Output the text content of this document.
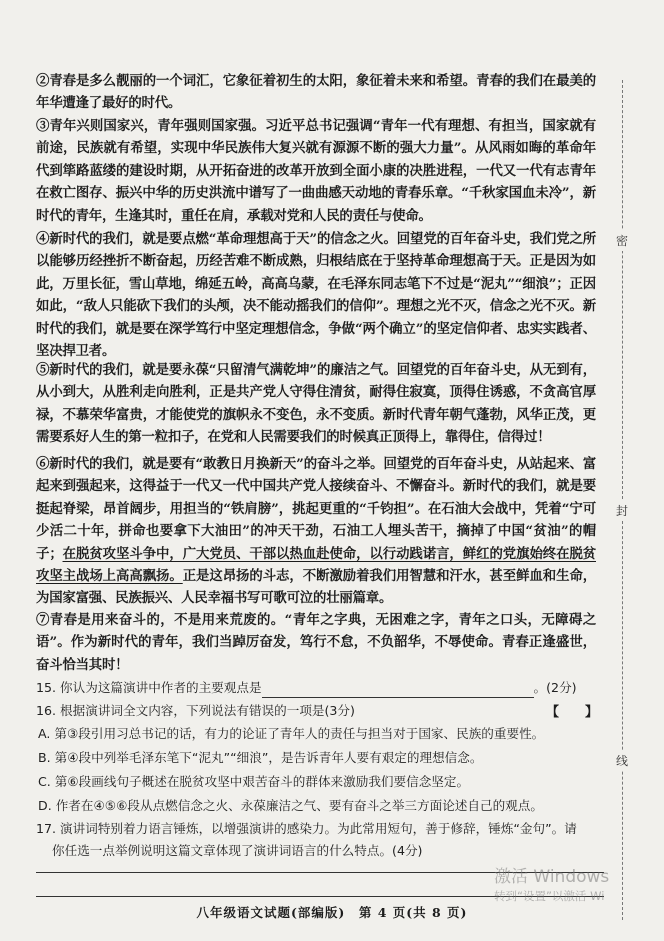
②青春是多么靓丽的一个词汇，它象征着初生的太阳，象征着未来和希望。青春的我们在最美的年华遭逢了最好的时代。

③青年兴则国家兴，青年强则国家强。习近平总书记强调“青年一代有理想、有担当，国家就有前途，民族就有希望，实现中华民族伟大复兴就有源源不断的强大力量”。从风雨如晦的革命年代到筚路蓝缕的建设时期，从开拓奋进的改革开放到全面小康的决胜进程，一代又一代有志青年在救亡图存、振兴中华的历史洪流中谱写了一曲曲感天动地的青春乐章。“千秋家国血未冷”，新时代的青年，生逢其时，重任在肩，承载对党和人民的责任与使命。

④新时代的我们，就是要点燃“革命理想高于天”的信念之火。回望党的百年奋斗史，我们党之所以能够历经挫折不断奋起，历经苦难不断成熟，归根结底在于坚持革命理想高于天。正是因为如此，万里长征，雪山草地，绵延五岭，高高乌蒙，在毛泽东同志笔下不过是“泥丸”“细浪”；正因如此，“敌人只能砍下我们的头颅，决不能动摇我们的信仰”。理想之光不灭，信念之光不灭。新时代的我们，就是要在深学笃行中坚定理想信念，争做“两个确立”的坚定信仰者、忠实实践者、坚决捍卫者。

⑤新时代的我们，就是要永葆“只留清气满乾坤”的廉洁之气。回望党的百年奋斗史，从无到有，从小到大，从胜利走向胜利，正是共产党人守得住清贫，耐得住寂寞，顶得住诱惑，不贪高官厚禄，不慕荣华富贵，才能使党的旗帜永不变色，永不变质。新时代青年朝气蓬勃，风华正茂，更需要系好人生的第一粒扣子，在党和人民需要我们的时候真正顶得上，靠得住，信得过！

⑥新时代的我们，就是要有“敢教日月换新天”的奋斗之举。回望党的百年奋斗史，从站起来、富起来到强起来，这得益于一代又一代中国共产党人接续奋斗、不懈奋斗。新时代的我们，就是要挺起脊梁，昂首阔步，用担当的“铁肩膀”，挑起更重的“千钧担”。在石油大会战中，凭着“宁可少活二十年，拼命也要拿下大油田”的冲天干劲，石油工人埋头苦干，摘掉了中国“贫油”的帽子；在脱贫攻坚斗争中，广大党员、干部以热血赴使命，以行动践诺言，鲜红的党旗始终在脱贫攻坚主战场上高高飘扬。正是这昂扬的斗志，不断激励着我们用智慧和汗水，甚至鲜血和生命，为国家富强、民族振兴、人民幸福书写可歌可泣的壮丽篇章。

⑦青春是用来奋斗的，不是用来荒废的。“青年之字典，无困难之字，青年之口头，无障碍之语”。作为新时代的青年，我们当踔厉奋发，笃行不怠，不负韶华，不辱使命。青春正逢盛世，奋斗恰当其时！

15. 你认为这篇演讲中作者的主要观点是	。(2分)

16. 根据演讲词全文内容，下列说法有错误的一项是(3分)	【　　】

A. 第③段引用习总书记的话，有力的论证了青年人的责任与担当对于国家、民族的重要性。

B. 第④段中列举毛泽东笔下“泥丸”“细浪”，是告诉青年人要有艰定的理想信念。

C. 第⑥段画线句子概述在脱贫攻坚中艰苦奋斗的群体来激励我们要信念坚定。

D. 作者在④⑤⑥段从点燃信念之火、永葆廉洁之气、要有奋斗之举三方面论述自己的观点。

17. 演讲词特别着力语言锤炼，以增强演讲的感染力。为此常用短句，善于修辞，锤炼“金句”。请

你任选一点举例说明这篇文章体现了演讲词语言的什么特点。(4分)

八年级语文试题(部编版)　第 4 页(共 8 页)
密
封
线
激活 Windows
转到“设置”以激活 Wi
